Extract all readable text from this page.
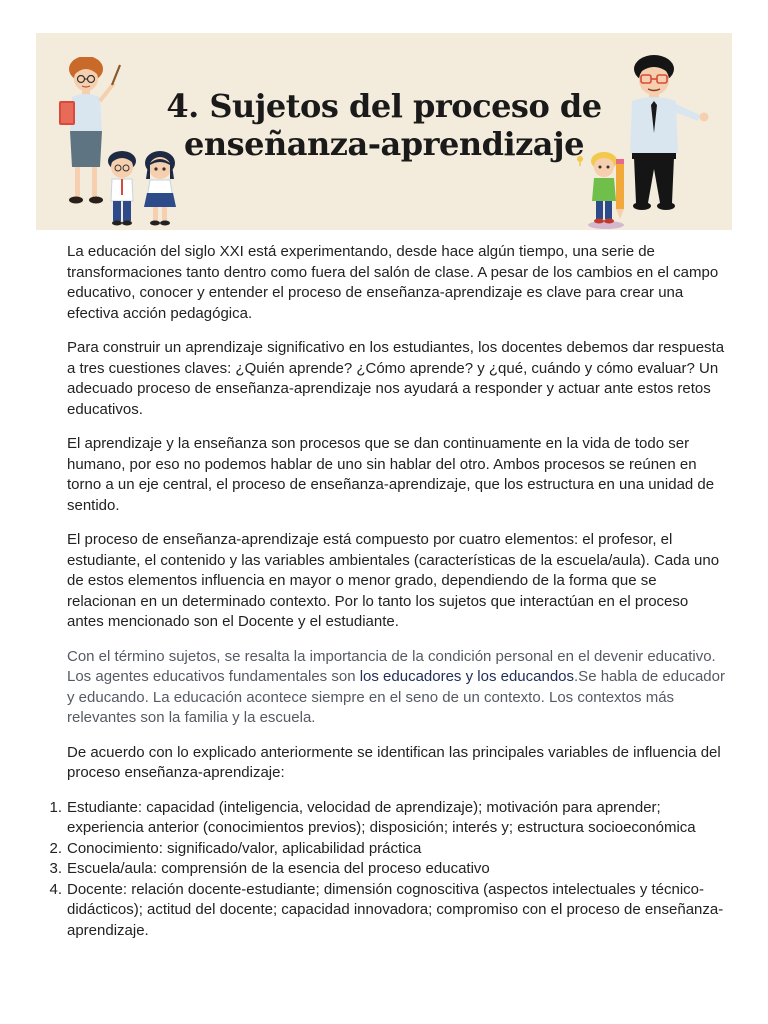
4. Sujetos del proceso de
enseñanza-aprendizaje

La educación del siglo XXI está experimentando, desde hace algún tiempo, una serie de transformaciones tanto dentro como fuera del salón de clase. A pesar de los cambios en el campo educativo, conocer y entender el proceso de enseñanza-aprendizaje es clave para crear una efectiva acción pedagógica.

Para construir un aprendizaje significativo en los estudiantes, los docentes debemos dar respuesta a tres cuestiones claves: ¿Quién aprende? ¿Cómo aprende? y ¿qué, cuándo y cómo evaluar? Un adecuado proceso de enseñanza-aprendizaje nos ayudará a responder y actuar ante estos retos educativos.

El aprendizaje y la enseñanza son procesos que se dan continuamente en la vida de todo ser humano, por eso no podemos hablar de uno sin hablar del otro. Ambos procesos se reúnen en torno a un eje central, el proceso de enseñanza-aprendizaje, que los estructura en una unidad de sentido.

El proceso de enseñanza-aprendizaje está compuesto por cuatro elementos: el profesor, el estudiante, el contenido y las variables ambientales (características de la escuela/aula). Cada uno de estos elementos influencia en mayor o menor grado, dependiendo de la forma que se relacionan en un determinado contexto. Por lo tanto los sujetos que interactúan en el proceso antes mencionado son el Docente y el estudiante.

Con el término sujetos, se resalta la importancia de la condición personal en el devenir educativo. Los agentes educativos fundamentales son los educadores y los educandos.Se habla de educador y educando. La educación acontece siempre en el seno de un contexto. Los contextos más relevantes son la familia y la escuela.

De acuerdo con lo explicado anteriormente se identifican las principales variables de influencia del proceso enseñanza-aprendizaje:

1. Estudiante: capacidad (inteligencia, velocidad de aprendizaje); motivación para aprender; experiencia anterior (conocimientos previos); disposición; interés y; estructura socioeconómica
2. Conocimiento: significado/valor, aplicabilidad práctica
3. Escuela/aula: comprensión de la esencia del proceso educativo
4. Docente: relación docente-estudiante; dimensión cognoscitiva (aspectos intelectuales y técnico-didácticos); actitud del docente; capacidad innovadora; compromiso con el proceso de enseñanza-aprendizaje.
